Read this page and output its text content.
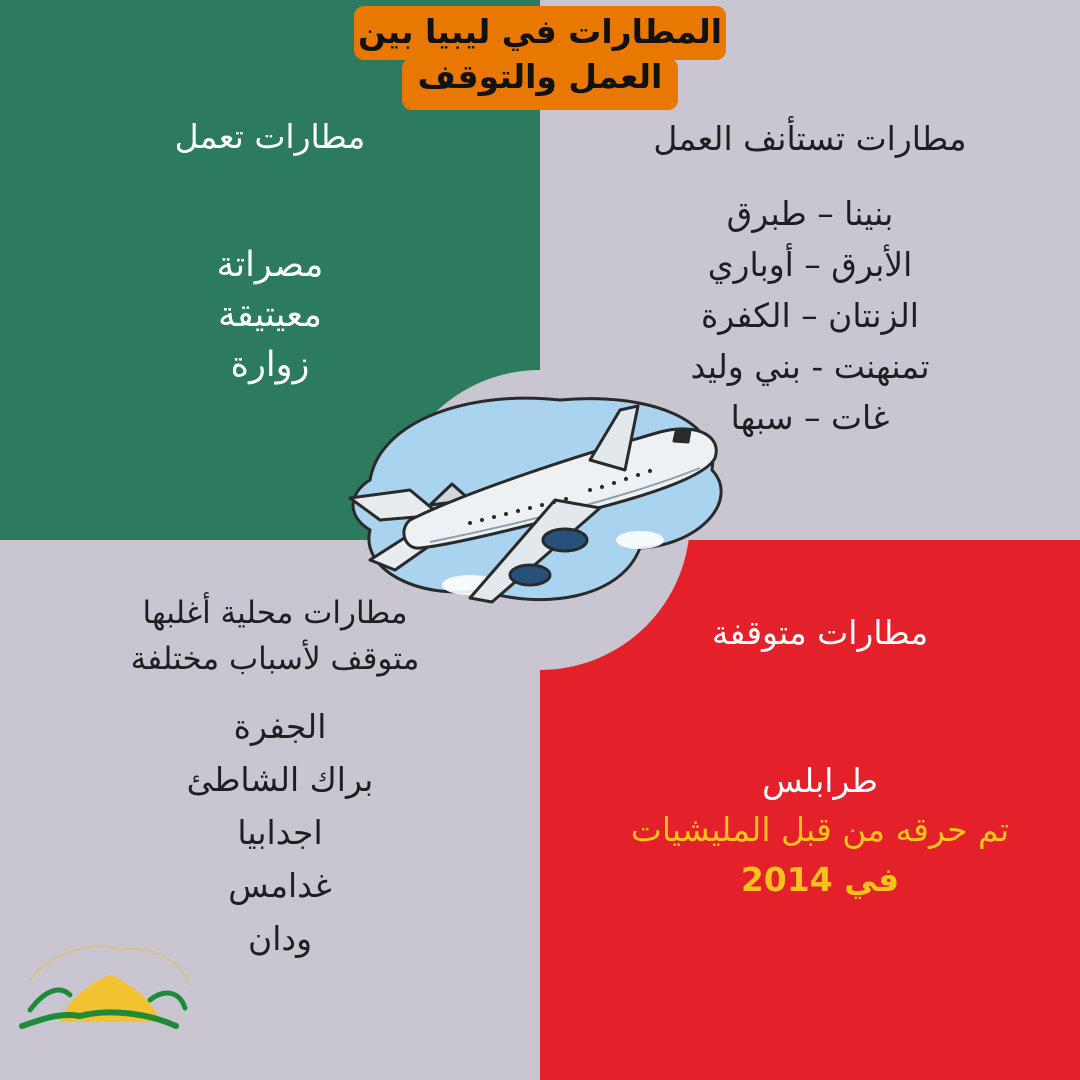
المطارات في ليبيا بين
العمل والتوقف
مطارات تعمل
مصراتة
معيتيقة
زوارة
مطارات تستأنف العمل
بنينا – طبرق
الأبرق – أوباري
الزنتان – الكفرة
تمنهنت - بني وليد
غات – سبها
مطارات محلية أغلبها
متوقف لأسباب مختلفة
الجفرة
براك الشاطئ
اجدابيا
غدامس
ودان
مطارات متوقفة
طرابلس
تم حرقه من قبل المليشيات
في 2014
